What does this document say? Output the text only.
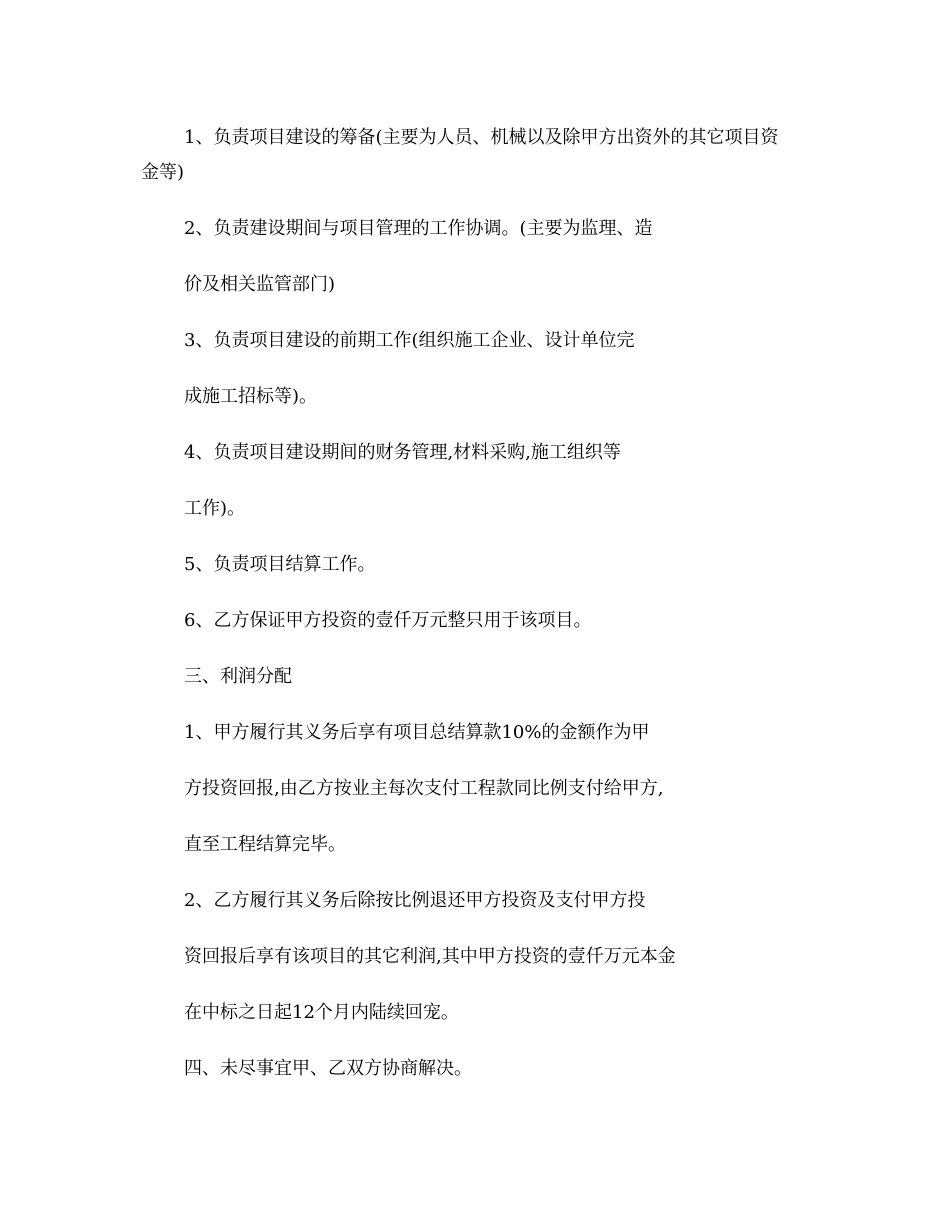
1、负责项目建设的筹备(主要为人员、机械以及除甲方出资外的其它项目资

金等)

2、负责建设期间与项目管理的工作协调。(主要为监理、造

价及相关监管部门)

3、负责项目建设的前期工作(组织施工企业、设计单位完

成施工招标等)。

4、负责项目建设期间的财务管理,材料采购,施工组织等

工作)。

5、负责项目结算工作。

6、乙方保证甲方投资的壹仟万元整只用于该项目。

三、利润分配

1、甲方履行其义务后享有项目总结算款10%的金额作为甲

方投资回报,由乙方按业主每次支付工程款同比例支付给甲方,

直至工程结算完毕。

2、乙方履行其义务后除按比例退还甲方投资及支付甲方投

资回报后享有该项目的其它利润,其中甲方投资的壹仟万元本金

在中标之日起12个月内陆续回宠。

四、未尽事宜甲、乙双方协商解决。
